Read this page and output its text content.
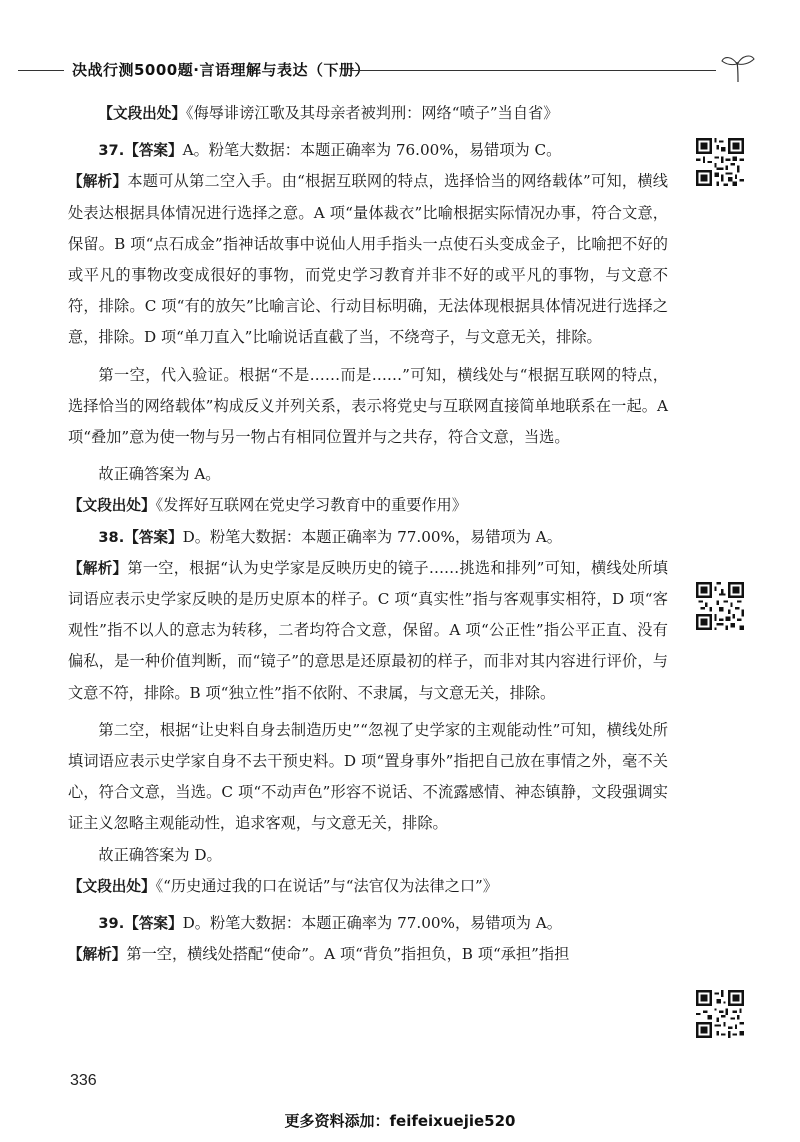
决战行测5000题·言语理解与表达（下册）

【文段出处】《侮辱诽谤江歌及其母亲者被判刑：网络“喷子”当自省》

37.【答案】A。粉笔大数据：本题正确率为 76.00%，易错项为 C。

【解析】本题可从第二空入手。由“根据互联网的特点，选择恰当的网络载体”可知，横线处表达根据具体情况进行选择之意。A 项“量体裁衣”比喻根据实际情况办事，符合文意，保留。B 项“点石成金”指神话故事中说仙人用手指头一点使石头变成金子，比喻把不好的或平凡的事物改变成很好的事物，而党史学习教育并非不好的或平凡的事物，与文意不符，排除。C 项“有的放矢”比喻言论、行动目标明确，无法体现根据具体情况进行选择之意，排除。D 项“单刀直入”比喻说话直截了当，不绕弯子，与文意无关，排除。

第一空，代入验证。根据“不是……而是……”可知，横线处与“根据互联网的特点，选择恰当的网络载体”构成反义并列关系，表示将党史与互联网直接简单地联系在一起。A 项“叠加”意为使一物与另一物占有相同位置并与之共存，符合文意，当选。

故正确答案为 A。

【文段出处】《发挥好互联网在党史学习教育中的重要作用》

38.【答案】D。粉笔大数据：本题正确率为 77.00%，易错项为 A。

【解析】第一空，根据“认为史学家是反映历史的镜子……挑选和排列”可知，横线处所填词语应表示史学家反映的是历史原本的样子。C 项“真实性”指与客观事实相符，D 项“客观性”指不以人的意志为转移，二者均符合文意，保留。A 项“公正性”指公平正直、没有偏私，是一种价值判断，而“镜子”的意思是还原最初的样子，而非对其内容进行评价，与文意不符，排除。B 项“独立性”指不依附、不隶属，与文意无关，排除。

第二空，根据“让史料自身去制造历史”“忽视了史学家的主观能动性”可知，横线处所填词语应表示史学家自身不去干预史料。D 项“置身事外”指把自己放在事情之外，毫不关心，符合文意，当选。C 项“不动声色”形容不说话、不流露感情、神态镇静，文段强调实证主义忽略主观能动性，追求客观，与文意无关，排除。

故正确答案为 D。

【文段出处】《“历史通过我的口在说话”与“法官仅为法律之口”》

39.【答案】D。粉笔大数据：本题正确率为 77.00%，易错项为 A。

【解析】第一空，横线处搭配“使命”。A 项“背负”指担负，B 项“承担”指担

336
更多资料添加：feifeixuejie520
